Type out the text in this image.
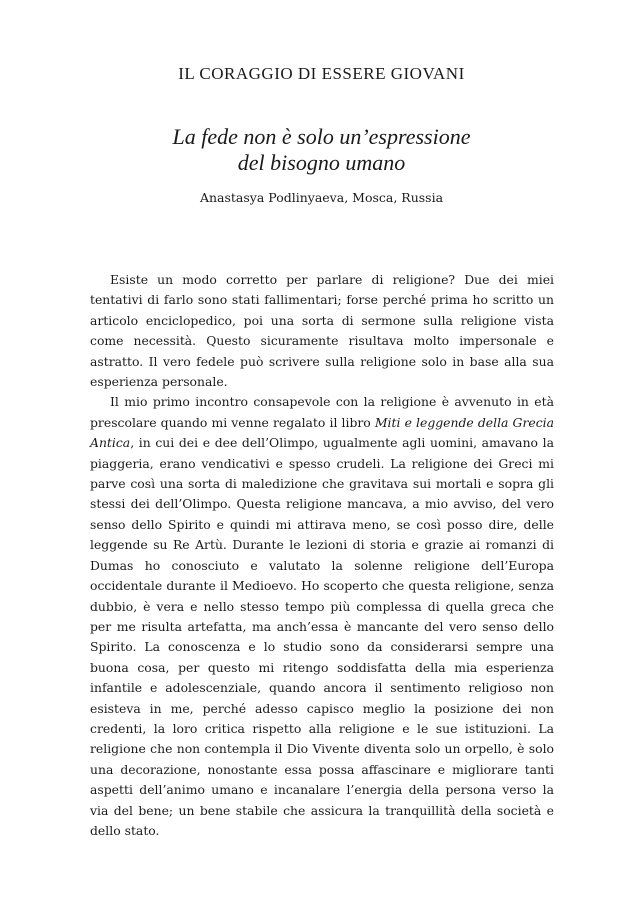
IL CORAGGIO DI ESSERE GIOVANI
La fede non è solo un’espressione
del bisogno umano
Anastasya Podlinyaeva, Mosca, Russia

Esiste un modo corretto per parlare di religione? Due dei miei tentativi di farlo sono stati fallimentari; forse perché prima ho scritto un articolo enciclopedico, poi una sorta di sermone sulla religione vista come necessità. Questo sicuramente risultava molto impersonale e astratto. Il vero fedele può scrivere sulla religione solo in base alla sua esperienza personale.

Il mio primo incontro consapevole con la religione è avvenuto in età prescolare quando mi venne regalato il libro Miti e leggende della Grecia Antica, in cui dei e dee dell’Olimpo, ugualmente agli uomini, amavano la piaggeria, erano vendicativi e spesso crudeli. La religione dei Greci mi parve così una sorta di maledizione che gravitava sui mortali e sopra gli stessi dei dell’Olimpo. Questa religione mancava, a mio avviso, del vero senso dello Spirito e quindi mi attirava meno, se così posso dire, delle leggende su Re Artù. Durante le lezioni di storia e grazie ai romanzi di Dumas ho conosciuto e valutato la solenne religione dell’Europa occidentale durante il Medioevo. Ho scoperto che questa religione, senza dubbio, è vera e nello stesso tempo più complessa di quella greca che per me risulta artefatta, ma anch’essa è mancante del vero senso dello Spirito. La conoscenza e lo studio sono da considerarsi sempre una buona cosa, per questo mi ritengo soddisfatta della mia esperienza infantile e adolescenziale, quando ancora il sentimento religioso non esisteva in me, perché adesso capisco meglio la posizione dei non credenti, la loro critica rispetto alla religione e le sue istituzioni. La religione che non contempla il Dio Vivente diventa solo un orpello, è solo una decorazione, nonostante essa possa affascinare e migliorare tanti aspetti dell’animo umano e incanalare l’energia della persona verso la via del bene; un bene stabile che assicura la tranquillità della società e dello stato.
